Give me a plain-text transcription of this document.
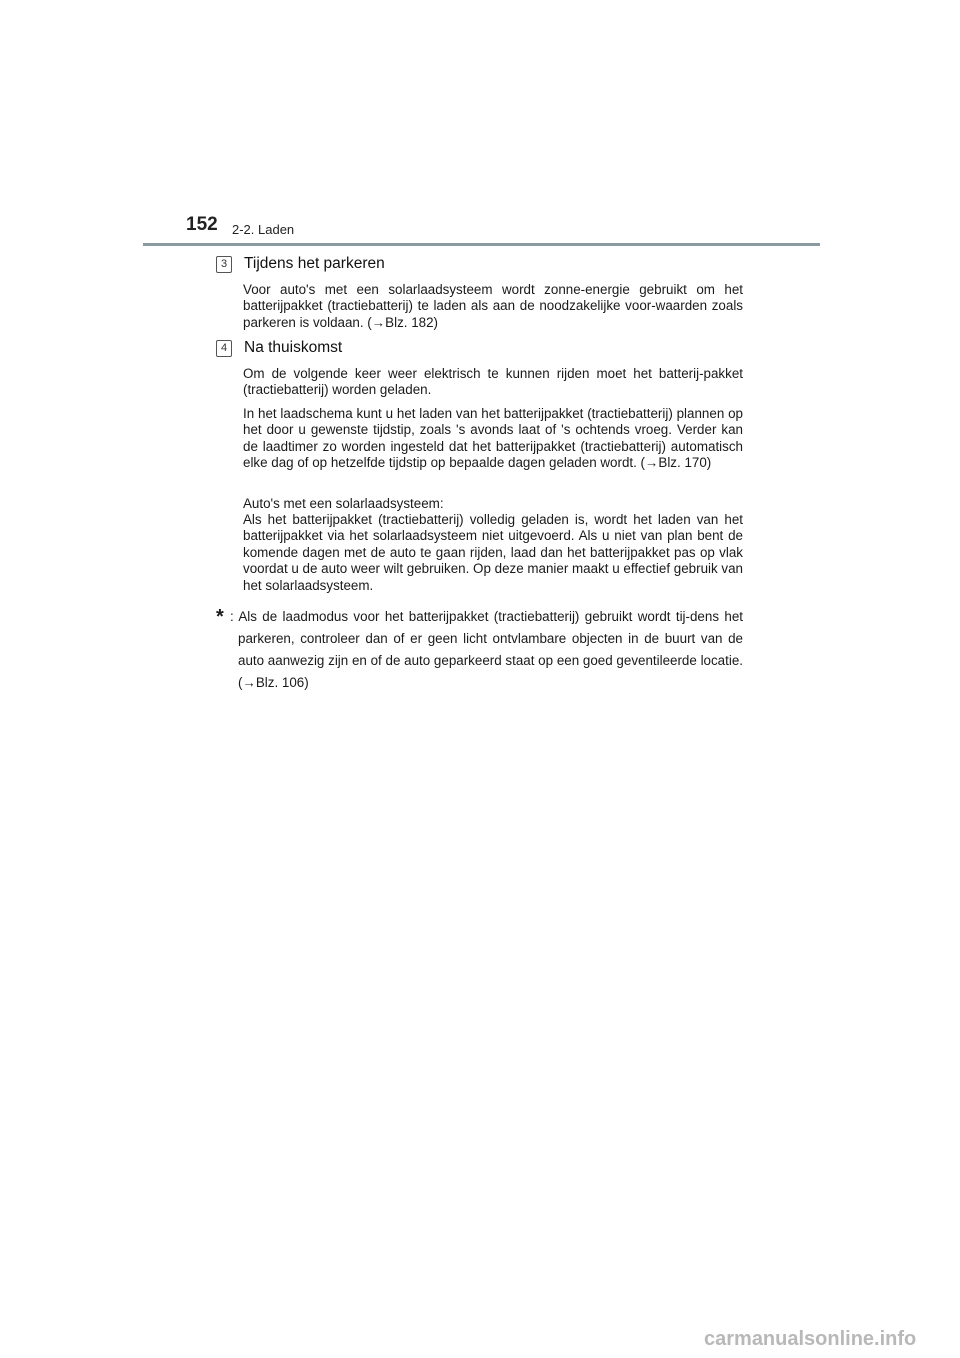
152 2-2. Laden
3	Tijdens het parkeren

Voor auto's met een solarlaadsysteem wordt zonne-energie gebruikt om het batterijpakket (tractiebatterij) te laden als aan de noodzakelijke voor-waarden zoals parkeren is voldaan. (→Blz. 182)

4	Na thuiskomst

Om de volgende keer weer elektrisch te kunnen rijden moet het batterij-pakket (tractiebatterij) worden geladen.

In het laadschema kunt u het laden van het batterijpakket (tractiebatterij) plannen op het door u gewenste tijdstip, zoals 's avonds laat of 's ochtends vroeg. Verder kan de laadtimer zo worden ingesteld dat het batterijpakket (tractiebatterij) automatisch elke dag of op hetzelfde tijdstip op bepaalde dagen geladen wordt. (→Blz. 170)

Auto's met een solarlaadsysteem:

Als het batterijpakket (tractiebatterij) volledig geladen is, wordt het laden van het batterijpakket via het solarlaadsysteem niet uitgevoerd. Als u niet van plan bent de komende dagen met de auto te gaan rijden, laad dan het batterijpakket pas op vlak voordat u de auto weer wilt gebruiken. Op deze manier maakt u effectief gebruik van het solarlaadsysteem.

* : Als de laadmodus voor het batterijpakket (tractiebatterij) gebruikt wordt tij-dens het parkeren, controleer dan of er geen licht ontvlambare objecten in de buurt van de auto aanwezig zijn en of de auto geparkeerd staat op een goed geventileerde locatie. (→Blz. 106)
carmanualsonline.info
